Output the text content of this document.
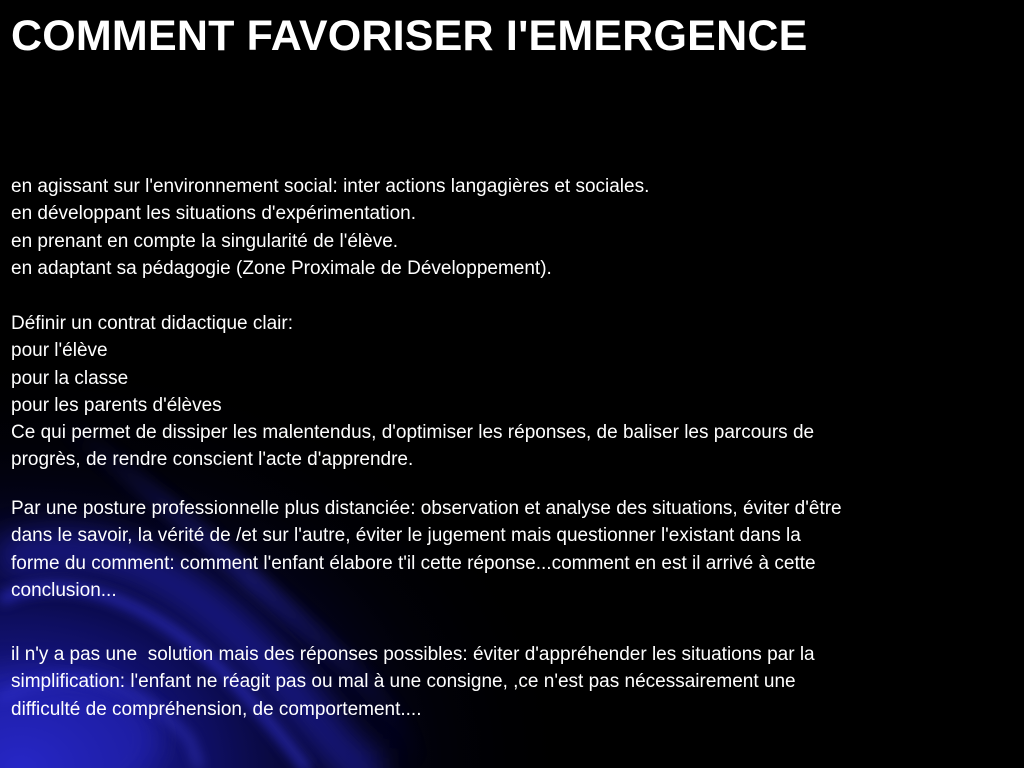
COMMENT FAVORISER I'EMERGENCE
en agissant sur l'environnement social: inter actions langagières et sociales.
en développant les situations d'expérimentation.
en prenant en compte la singularité de l'élève.
en adaptant sa pédagogie (Zone Proximale de Développement).
Définir un contrat didactique clair:
pour l'élève
pour la classe
pour les parents d'élèves
Ce qui permet de dissiper les malentendus, d'optimiser les réponses, de baliser les parcours de
progrès, de rendre conscient l'acte d'apprendre.
Par une posture professionnelle plus distanciée: observation et analyse des situations, éviter d'être
dans le savoir, la vérité de /et sur l'autre, éviter le jugement mais questionner l'existant dans la
forme du comment: comment l'enfant élabore t'il cette réponse...comment en est il arrivé à cette
conclusion...
il n'y a pas une  solution mais des réponses possibles: éviter d'appréhender les situations par la
simplification: l'enfant ne réagit pas ou mal à une consigne, ,ce n'est pas nécessairement une
difficulté de compréhension, de comportement....
